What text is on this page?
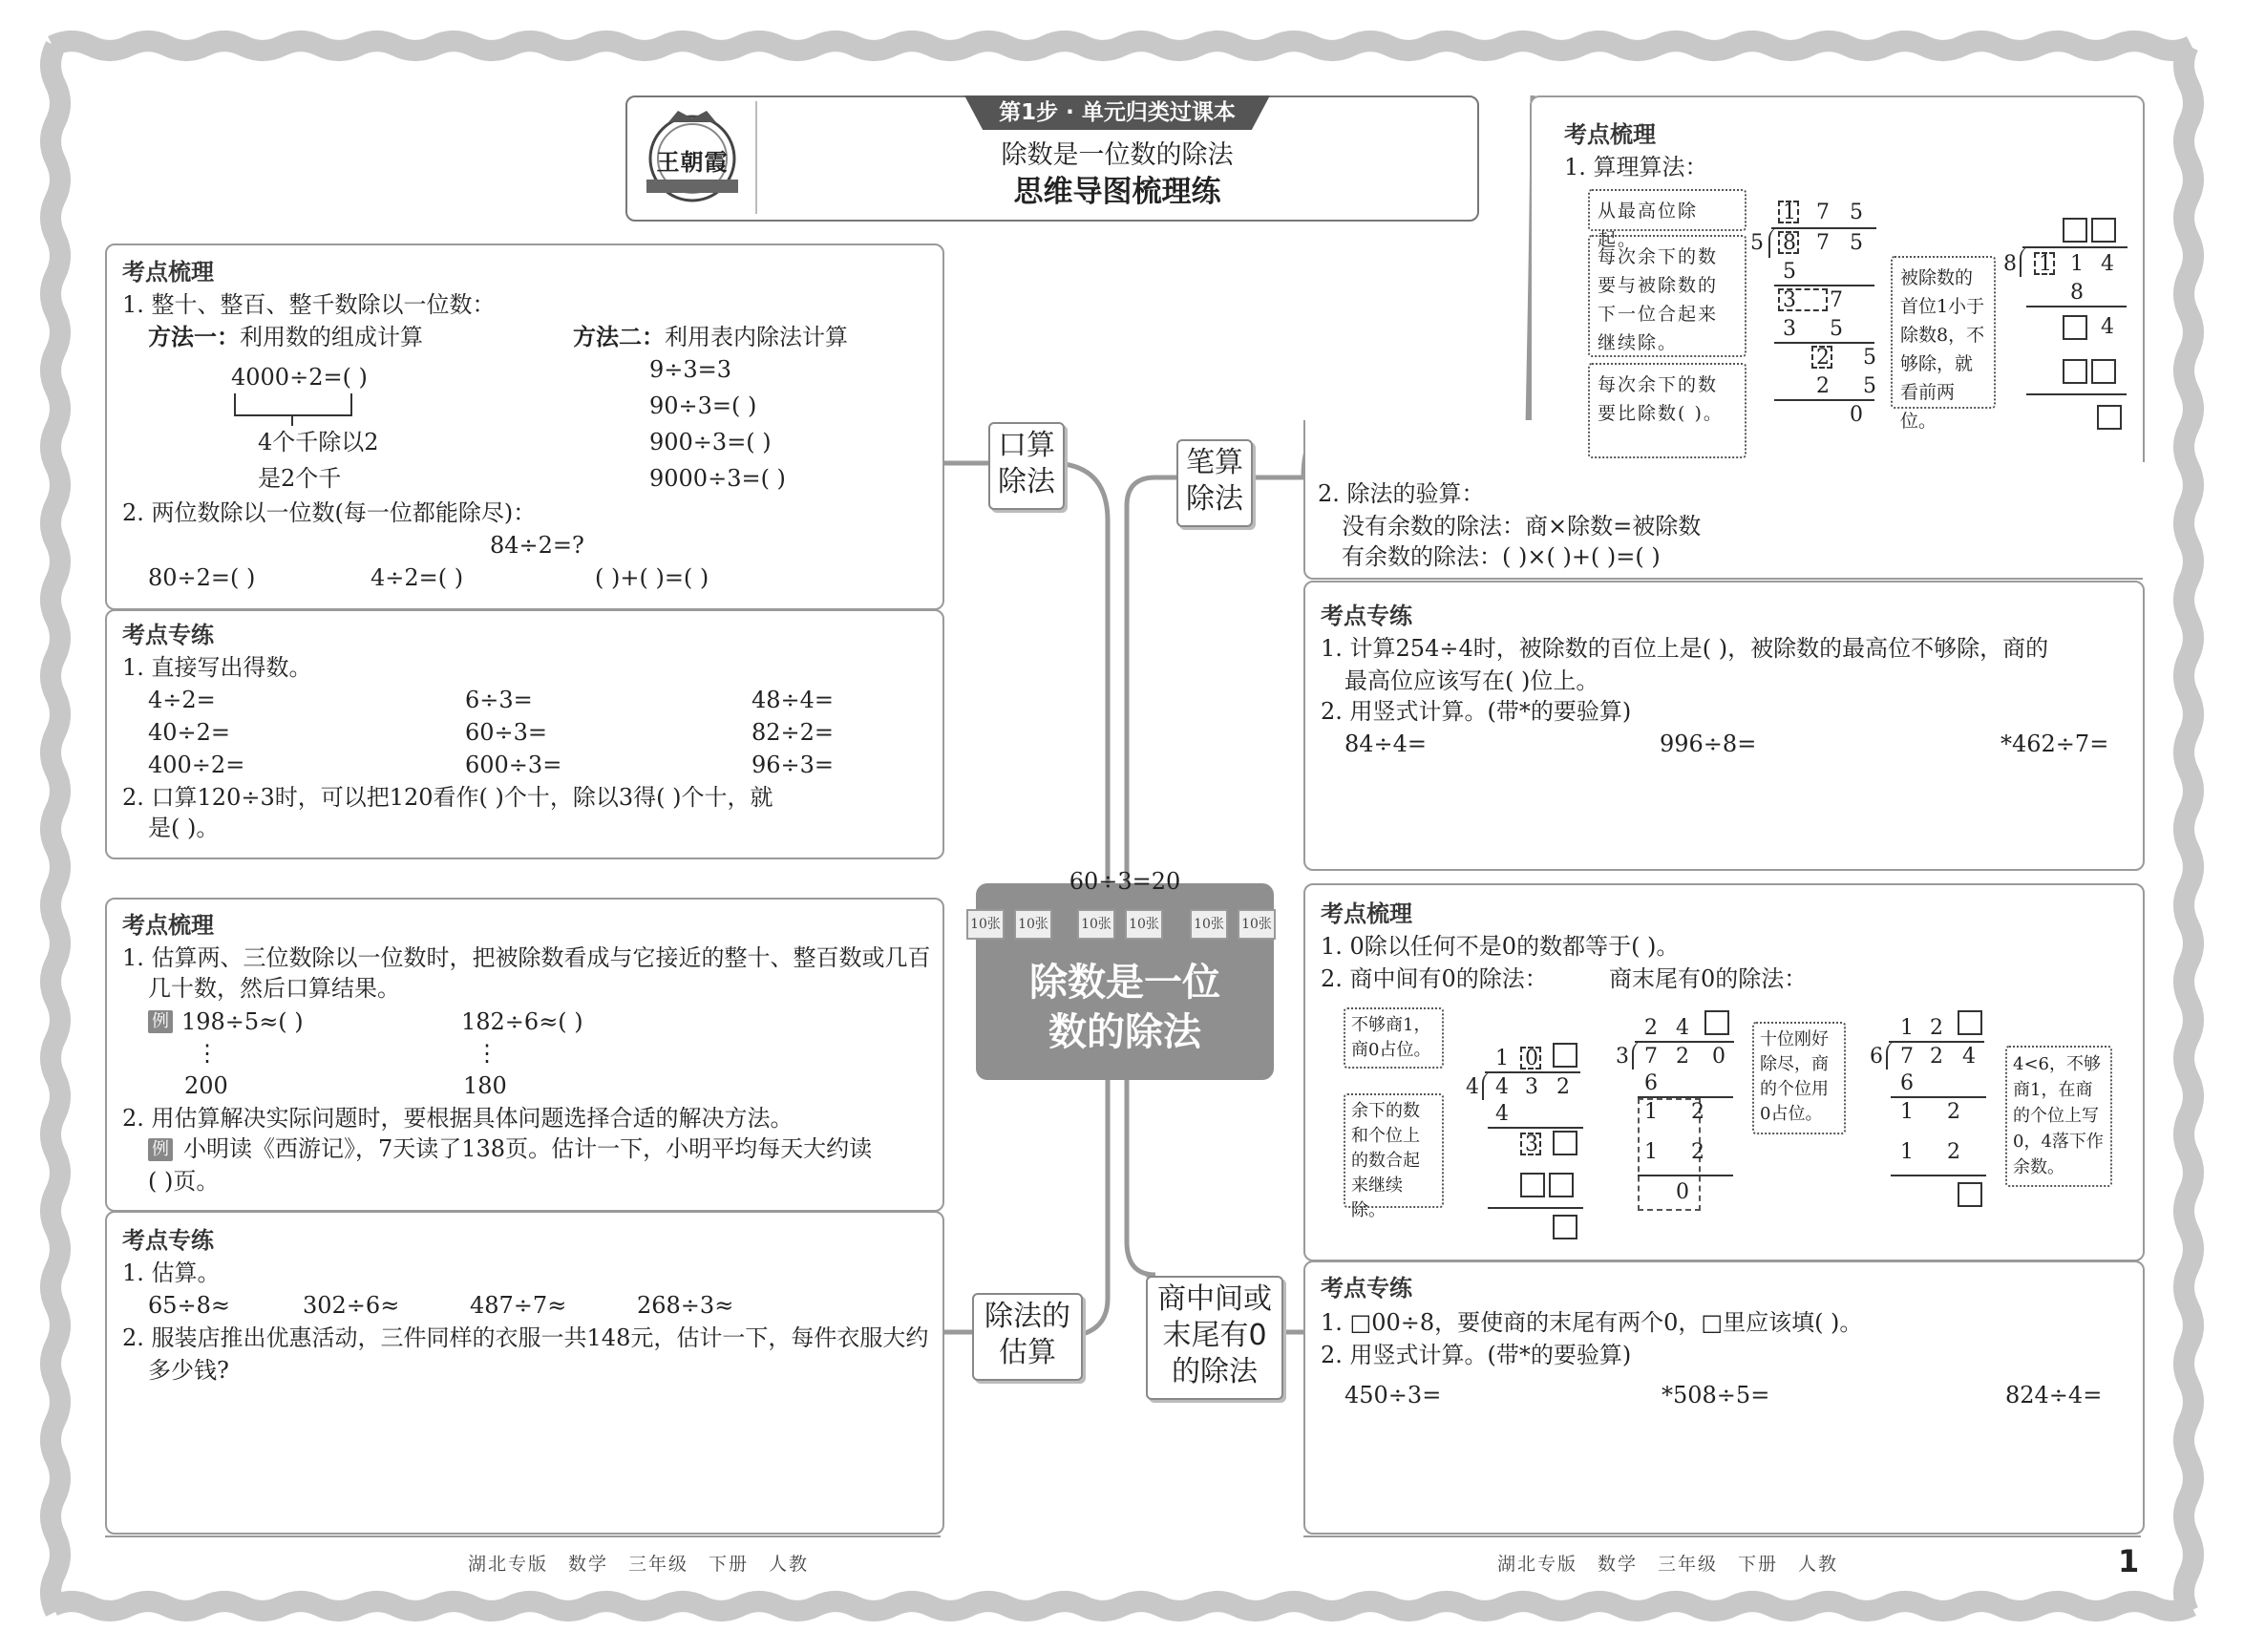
王朝霞
第1步 · 单元归类过课本
除数是一位数的除法
思维导图梳理练
考点梳理
1. 整十、整百、整千数除以一位数：
方法一：利用数的组成计算	方法二：利用表内除法计算
4000÷2=( )
4个千除以2
是2个千
9÷3=3
90÷3=( )
900÷3=( )
9000÷3=( )
2. 两位数除以一位数(每一位都能除尽)：
84÷2=?
80÷2=( )	4÷2=( )	( )+( )=( )
考点专练
1. 直接写出得数。
4÷2=	6÷3=	48÷4=
40÷2=	60÷3=	82÷2=
400÷2=	600÷3=	96÷3=
2. 口算120÷3时，可以把120看作( )个十，除以3得( )个十，就
是( )。
考点梳理
1. 估算两、三位数除以一位数时，把被除数看成与它接近的整十、整百数或几百
几十数，然后口算结果。
例 198÷5≈( )	182÷6≈( )
⋮	⋮
200	180
2. 用估算解决实际问题时，要根据具体问题选择合适的解决方法。
例 小明读《西游记》，7天读了138页。估计一下，小明平均每天大约读
( )页。
考点专练
1. 估算。
65÷8≈	302÷6≈	487÷7≈	268÷3≈
2. 服装店推出优惠活动，三件同样的衣服一共148元，估计一下，每件衣服大约
多少钱?
考点梳理
1. 算理算法：
从最高位除起。
每次余下的数要与被除数的下一位合起来继续除。
每次余下的数要比除数( )。
被除数的首位1小于除数8，不够除，就看前两位。
1 7 5
5 8 7 5
5
3 7
3 5
2 5
2 5
0
8 1 1 4
8
4
2. 除法的验算：
没有余数的除法：商×除数=被除数
有余数的除法：( )×( )+( )=( )
考点专练
1. 计算254÷4时，被除数的百位上是( )，被除数的最高位不够除，商的
最高位应该写在( )位上。
2. 用竖式计算。(带*的要验算)
84÷4=	996÷8=	*462÷7=
考点梳理
1. 0除以任何不是0的数都等于( )。
2. 商中间有0的除法：	商末尾有0的除法：
不够商1，商0占位。
余下的数和个位上的数合起来继续除。
十位刚好除尽，商的个位用0占位。
4<6，不够商1，在商的个位上写0，4落下作余数。
1 0
4 4 3 2
4
3
2 4
3 7 2 0
6
1 2
1 2
0
1 2
6 7 2 4
6
1 2
1 2
考点专练
1. □00÷8，要使商的末尾有两个0，□里应该填( )。
2. 用竖式计算。(带*的要验算)
450÷3=	*508÷5=	824÷4=
口算
除法
笔算
除法
除法的
估算
商中间或
末尾有0
的除法
60÷3=20
10张 10张 10张 10张	10张 10张
除数是一位
数的除法
湖北专版　数学　三年级　下册　人教	湖北专版　数学　三年级　下册　人教	1
